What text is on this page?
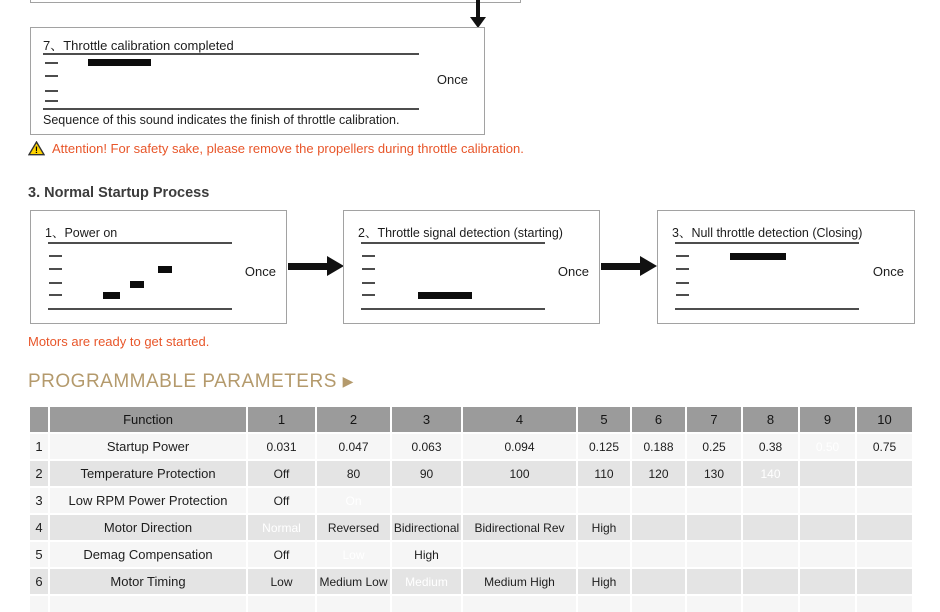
7、Throttle calibration completed
Once
Sequence of this sound indicates the finish of throttle calibration.
! Attention! For safety sake, please remove the propellers during throttle calibration.
3. Normal Startup Process
1、Power on
Once
2、Throttle signal detection (starting)
Once
3、Null throttle detection (Closing)
Once
Motors are ready to get started.
PROGRAMMABLE PARAMETERS ▶
	Function	1	2	3	4	5	6	7	8	9	10
1	Startup Power	0.031	0.047	0.063	0.094	0.125	0.188	0.25	0.38	0.50	0.75
2	Temperature Protection	Off	80	90	100	110	120	130	140		
3	Low RPM Power Protection	Off	On								
4	Motor Direction	Normal	Reversed	Bidirectional	Bidirectional Rev	High					
5	Demag Compensation	Off	Low	High							
6	Motor Timing	Low	Medium Low	Medium	Medium High	High					
